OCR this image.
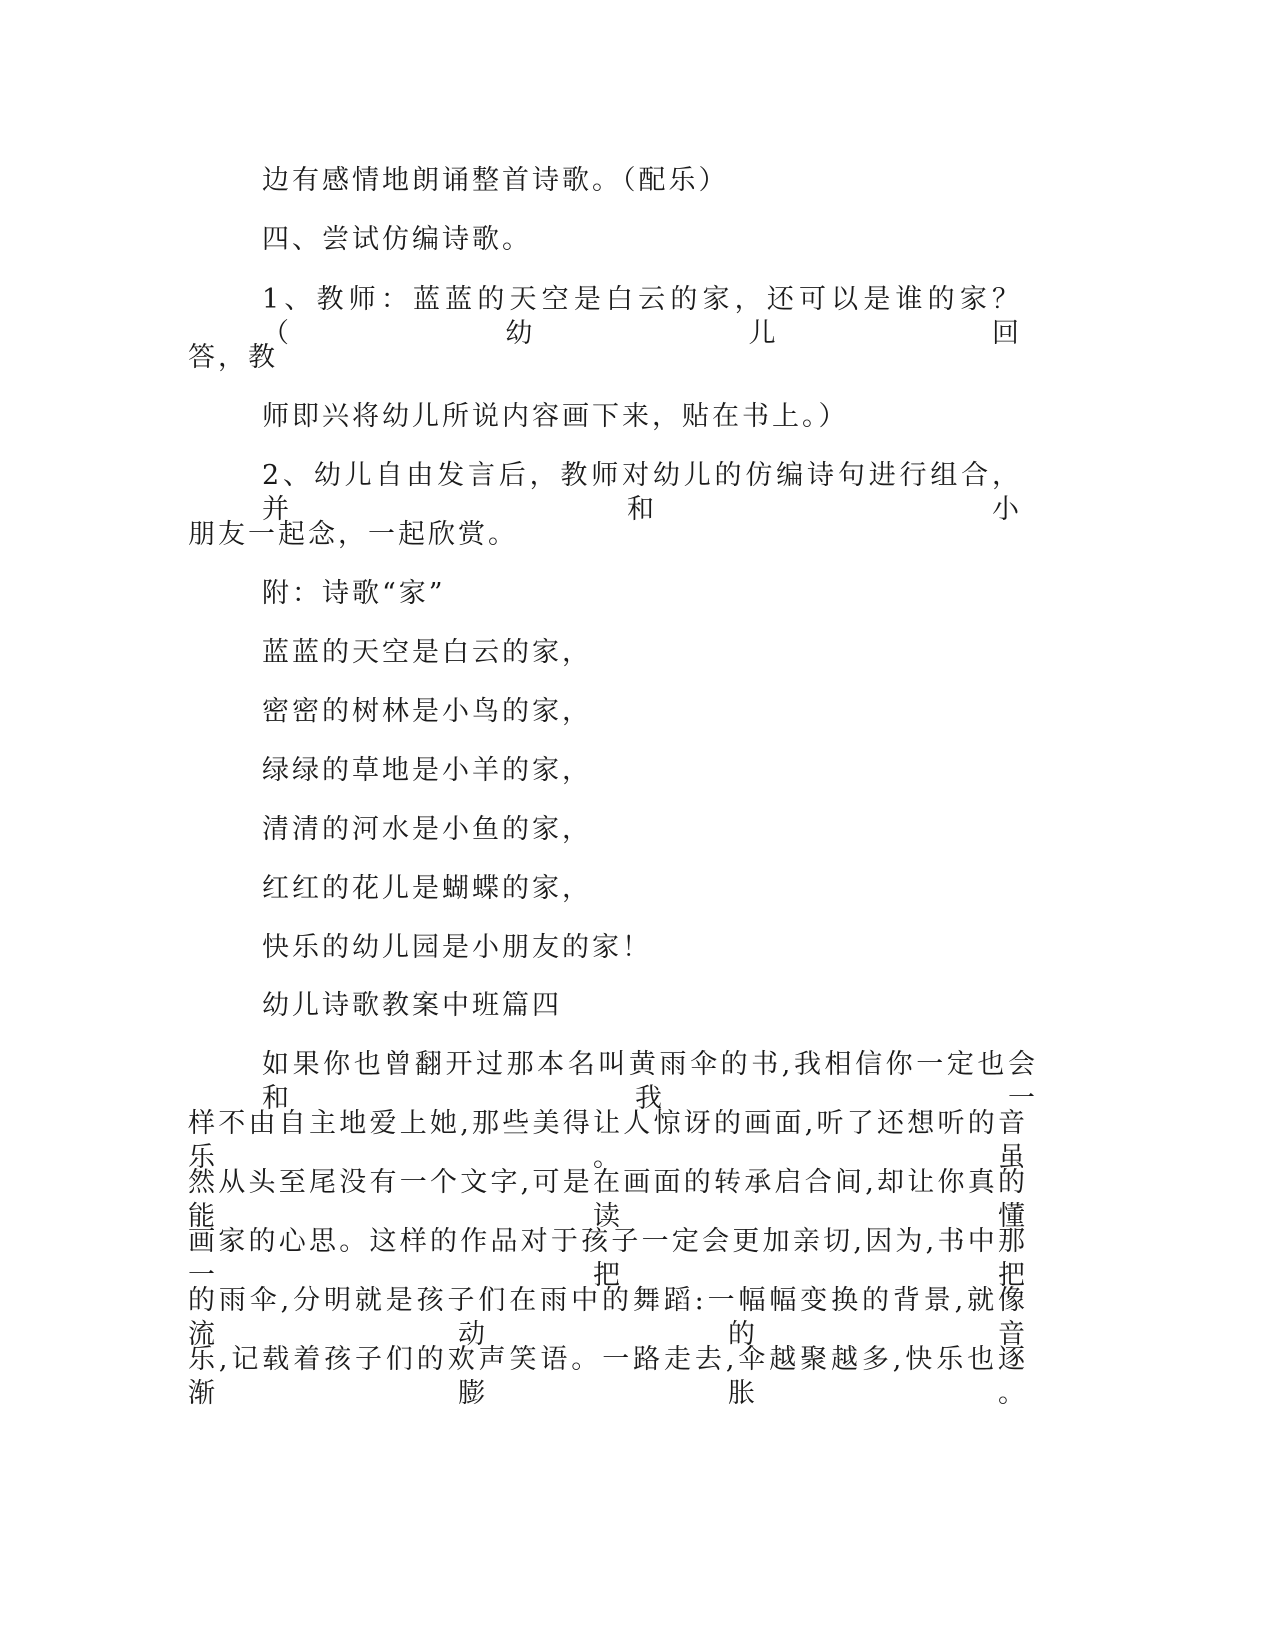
边有感情地朗诵整首诗歌。（配乐）
四、尝试仿编诗歌。
1、教师：蓝蓝的天空是白云的家，还可以是谁的家？（幼儿回
答，教
师即兴将幼儿所说内容画下来，贴在书上。）
2、幼儿自由发言后，教师对幼儿的仿编诗句进行组合，并和小
朋友一起念，一起欣赏。
附：诗歌“家”
蓝蓝的天空是白云的家，
密密的树林是小鸟的家，
绿绿的草地是小羊的家，
清清的河水是小鱼的家，
红红的花儿是蝴蝶的家，
快乐的幼儿园是小朋友的家！
幼儿诗歌教案中班篇四
如果你也曾翻开过那本名叫黄雨伞的书,我相信你一定也会和我一
样不由自主地爱上她,那些美得让人惊讶的画面,听了还想听的音乐。虽
然从头至尾没有一个文字,可是在画面的转承启合间,却让你真的能读懂
画家的心思。这样的作品对于孩子一定会更加亲切,因为,书中那一把把
的雨伞,分明就是孩子们在雨中的舞蹈:一幅幅变换的背景,就像流动的音
乐,记载着孩子们的欢声笑语。一路走去,伞越聚越多,快乐也逐渐膨胀。
